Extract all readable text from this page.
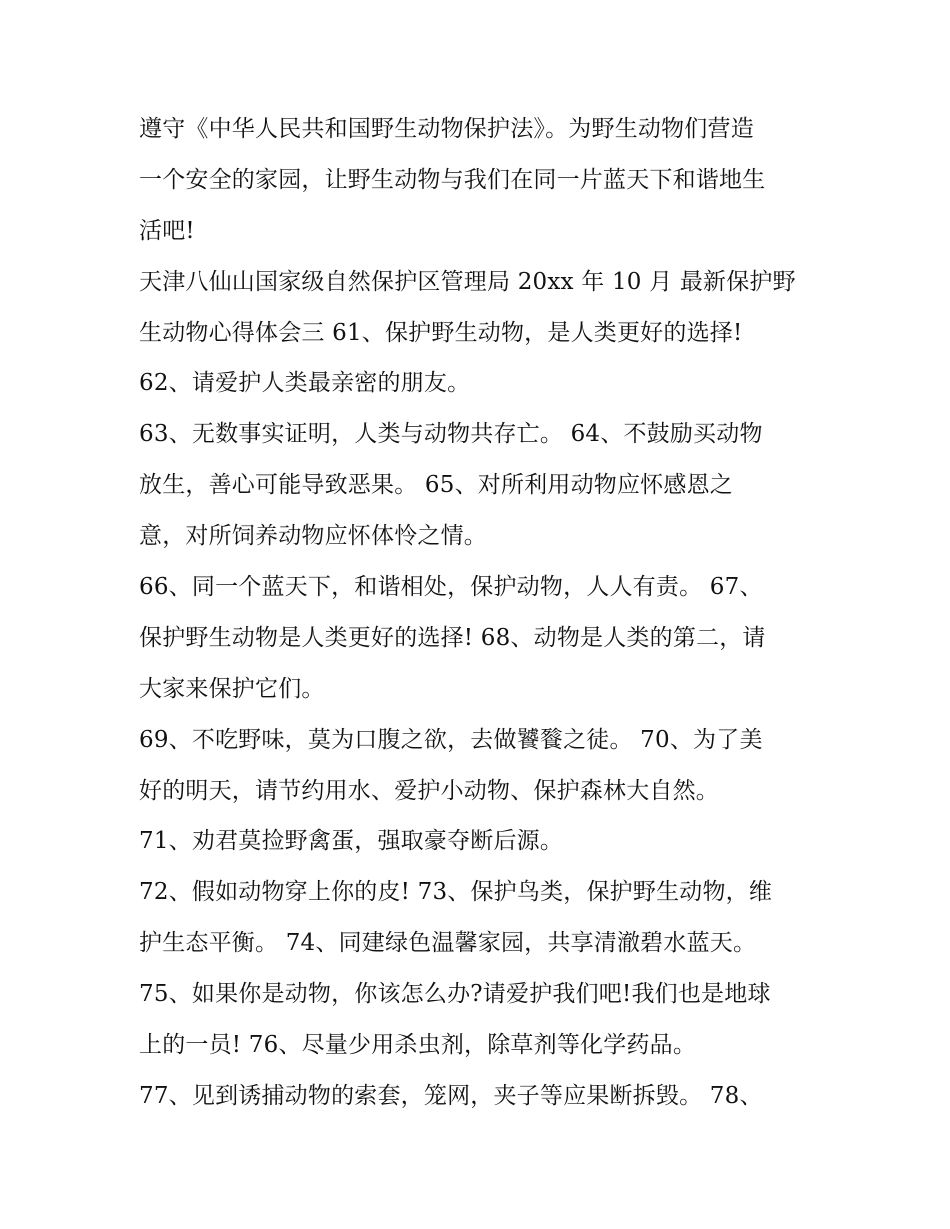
遵守《中华人民共和国野生动物保护法》。为野生动物们营造
一个安全的家园，让野生动物与我们在同一片蓝天下和谐地生
活吧!
天津八仙山国家级自然保护区管理局 20xx 年 10 月 最新保护野
生动物心得体会三 61、保护野生动物，是人类更好的选择!
62、请爱护人类最亲密的朋友。
63、无数事实证明，人类与动物共存亡。 64、不鼓励买动物
放生，善心可能导致恶果。 65、对所利用动物应怀感恩之
意，对所饲养动物应怀体怜之情。
66、同一个蓝天下，和谐相处，保护动物，人人有责。 67、
保护野生动物是人类更好的选择! 68、动物是人类的第二，请
大家来保护它们。
69、不吃野味，莫为口腹之欲，去做饕餮之徒。 70、为了美
好的明天，请节约用水、爱护小动物、保护森林大自然。
71、劝君莫捡野禽蛋，强取豪夺断后源。
72、假如动物穿上你的皮! 73、保护鸟类，保护野生动物，维
护生态平衡。 74、同建绿色温馨家园，共享清澈碧水蓝天。
75、如果你是动物，你该怎么办?请爱护我们吧!我们也是地球
上的一员! 76、尽量少用杀虫剂，除草剂等化学药品。
77、见到诱捕动物的索套，笼网，夹子等应果断拆毁。 78、
